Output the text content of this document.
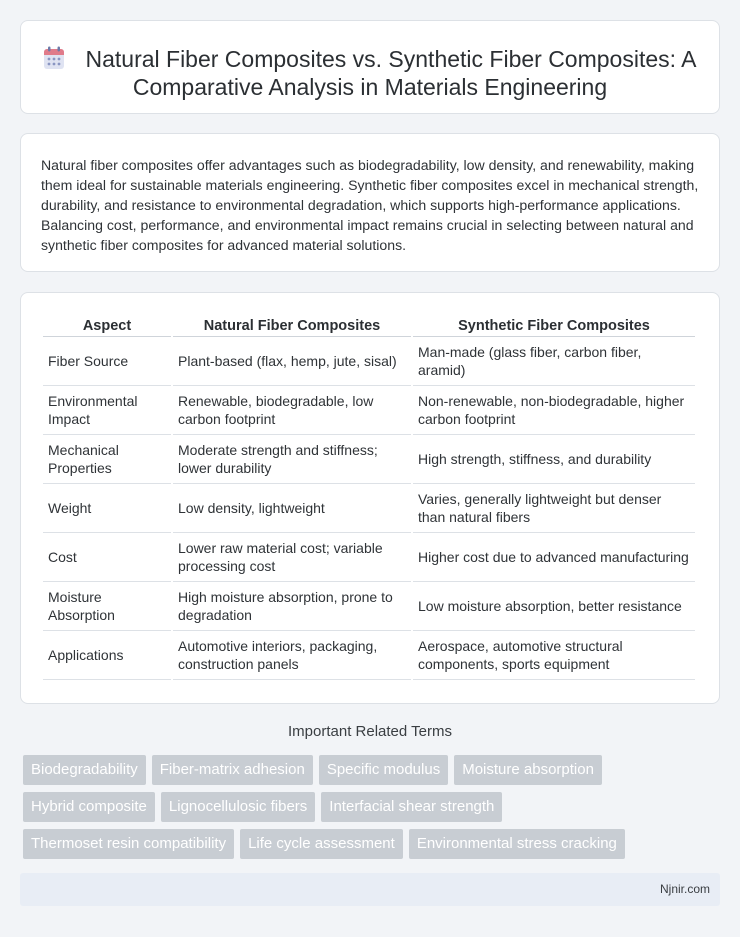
Natural Fiber Composites vs. Synthetic Fiber Composites: A Comparative Analysis in Materials Engineering

Natural fiber composites offer advantages such as biodegradability, low density, and renewability, making them ideal for sustainable materials engineering. Synthetic fiber composites excel in mechanical strength, durability, and resistance to environmental degradation, which supports high-performance applications. Balancing cost, performance, and environmental impact remains crucial in selecting between natural and synthetic fiber composites for advanced material solutions.

Aspect	Natural Fiber Composites	Synthetic Fiber Composites
Fiber Source	Plant-based (flax, hemp, jute, sisal)	Man-made (glass fiber, carbon fiber, aramid)
Environmental Impact	Renewable, biodegradable, low carbon footprint	Non-renewable, non-biodegradable, higher carbon footprint
Mechanical Properties	Moderate strength and stiffness; lower durability	High strength, stiffness, and durability
Weight	Low density, lightweight	Varies, generally lightweight but denser than natural fibers
Cost	Lower raw material cost; variable processing cost	Higher cost due to advanced manufacturing
Moisture Absorption	High moisture absorption, prone to degradation	Low moisture absorption, better resistance
Applications	Automotive interiors, packaging, construction panels	Aerospace, automotive structural components, sports equipment
Important Related Terms
Biodegradability	Fiber-matrix adhesion	Specific modulus	Moisture absorption
Hybrid composite	Lignocellulosic fibers	Interfacial shear strength
Thermoset resin compatibility	Life cycle assessment	Environmental stress cracking
Njnir.com
